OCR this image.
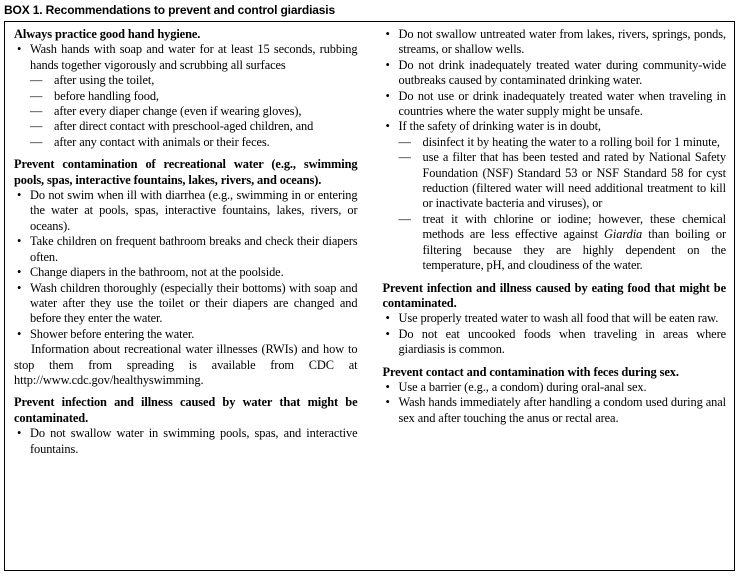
BOX 1. Recommendations to prevent and control giardiasis

Always practice good hand hygiene.

• Wash hands with soap and water for at least 15 seconds, rubbing hands together vigorously and scrubbing all surfaces
— after using the toilet,
— before handling food,
— after every diaper change (even if wearing gloves),
— after direct contact with preschool-aged children, and
— after any contact with animals or their feces.

Prevent contamination of recreational water (e.g., swimming pools, spas, interactive fountains, lakes, rivers, and oceans).

• Do not swim when ill with diarrhea (e.g., swimming in or entering the water at pools, spas, interactive fountains, lakes, rivers, or oceans).
• Take children on frequent bathroom breaks and check their diapers often.
• Change diapers in the bathroom, not at the poolside.
• Wash children thoroughly (especially their bottoms) with soap and water after they use the toilet or their diapers are changed and before they enter the water.
• Shower before entering the water.

Information about recreational water illnesses (RWIs) and how to stop them from spreading is available from CDC at http://www.cdc.gov/healthyswimming.

Prevent infection and illness caused by water that might be contaminated.

• Do not swallow water in swimming pools, spas, and interactive fountains.
• Do not swallow untreated water from lakes, rivers, springs, ponds, streams, or shallow wells.
• Do not drink inadequately treated water during community-wide outbreaks caused by contaminated drinking water.
• Do not use or drink inadequately treated water when traveling in countries where the water supply might be unsafe.
• If the safety of drinking water is in doubt,
— disinfect it by heating the water to a rolling boil for 1 minute,
— use a filter that has been tested and rated by National Safety Foundation (NSF) Standard 53 or NSF Standard 58 for cyst reduction (filtered water will need additional treatment to kill or inactivate bacteria and viruses), or
— treat it with chlorine or iodine; however, these chemical methods are less effective against Giardia than boiling or filtering because they are highly dependent on the temperature, pH, and cloudiness of the water.

Prevent infection and illness caused by eating food that might be contaminated.

• Use properly treated water to wash all food that will be eaten raw.
• Do not eat uncooked foods when traveling in areas where giardiasis is common.

Prevent contact and contamination with feces during sex.

• Use a barrier (e.g., a condom) during oral-anal sex.
• Wash hands immediately after handling a condom used during anal sex and after touching the anus or rectal area.
